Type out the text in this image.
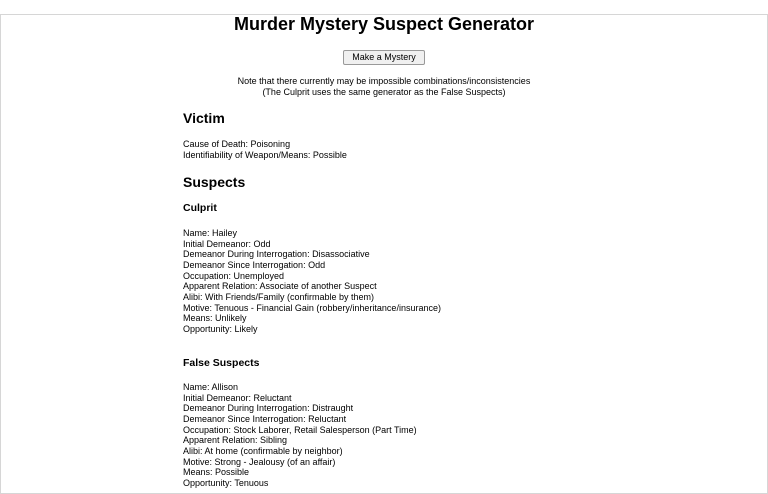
Murder Mystery Suspect Generator
Make a Mystery
Note that there currently may be impossible combinations/inconsistencies
(The Culprit uses the same generator as the False Suspects)
Victim
Cause of Death: Poisoning
Identifiability of Weapon/Means: Possible
Suspects
Culprit
Name: Hailey
Initial Demeanor: Odd
Demeanor During Interrogation: Disassociative
Demeanor Since Interrogation: Odd
Occupation: Unemployed
Apparent Relation: Associate of another Suspect
Alibi: With Friends/Family (confirmable by them)
Motive: Tenuous - Financial Gain (robbery/inheritance/insurance)
Means: Unlikely
Opportunity: Likely
False Suspects
Name: Allison
Initial Demeanor: Reluctant
Demeanor During Interrogation: Distraught
Demeanor Since Interrogation: Reluctant
Occupation: Stock Laborer, Retail Salesperson (Part Time)
Apparent Relation: Sibling
Alibi: At home (confirmable by neighbor)
Motive: Strong - Jealousy (of an affair)
Means: Possible
Opportunity: Tenuous
